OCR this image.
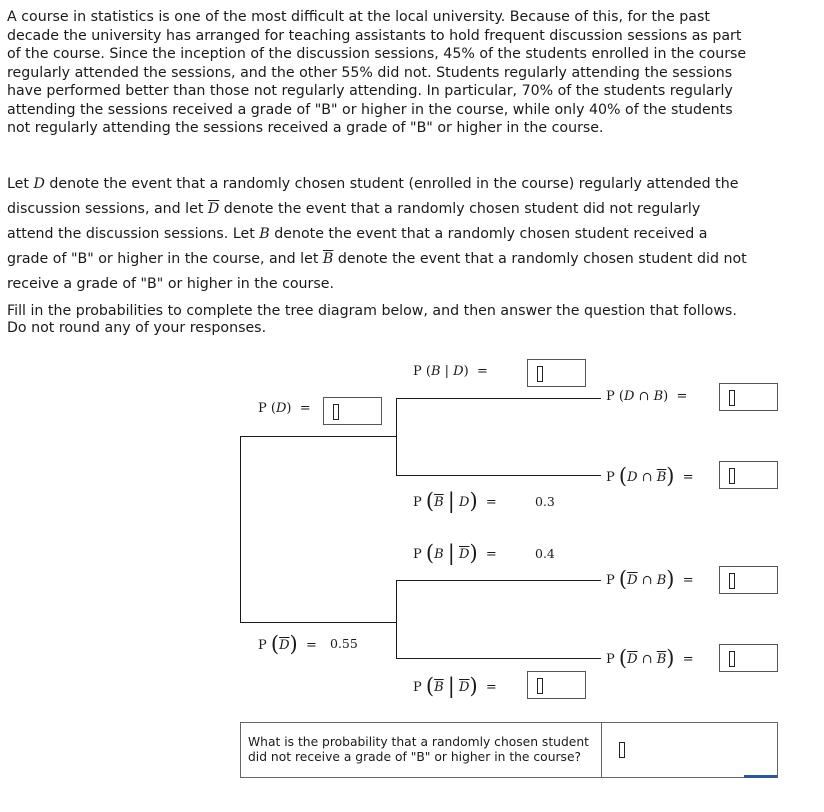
A course in statistics is one of the most difficult at the local university. Because of this, for the past decade the university has arranged for teaching assistants to hold frequent discussion sessions as part of the course. Since the inception of the discussion sessions, 45% of the students enrolled in the course regularly attended the sessions, and the other 55% did not. Students regularly attending the sessions have performed better than those not regularly attending. In particular, 70% of the students regularly attending the sessions received a grade of "B" or higher in the course, while only 40% of the students not regularly attending the sessions received a grade of "B" or higher in the course.

Let D denote the event that a randomly chosen student (enrolled in the course) regularly attended the discussion sessions, and let $\overline{D}$ denote the event that a randomly chosen student did not regularly attend the discussion sessions. Let B denote the event that a randomly chosen student received a grade of "B" or higher in the course, and let $\overline{B}$ denote the event that a randomly chosen student did not receive a grade of "B" or higher in the course.

Fill in the probabilities to complete the tree diagram below, and then answer the question that follows. Do not round any of your responses.

P (D)  =
P $(\overline{D}) = 0.55$
P (B | D)  =
P ($\overline{B}$ | D)  =	0.3
P (B | $\overline{D}$)  =	0.4
P ($\overline{B}$ | $\overline{D}$)  =
P (D ∩ B)  =
P (D ∩ $\overline{B}$)  =
P ($\overline{D}$ ∩ B)  =
P ($\overline{D}$ ∩ $\overline{B}$)  =
What is the probability that a randomly chosen student did not receive a grade of "B" or higher in the course?
